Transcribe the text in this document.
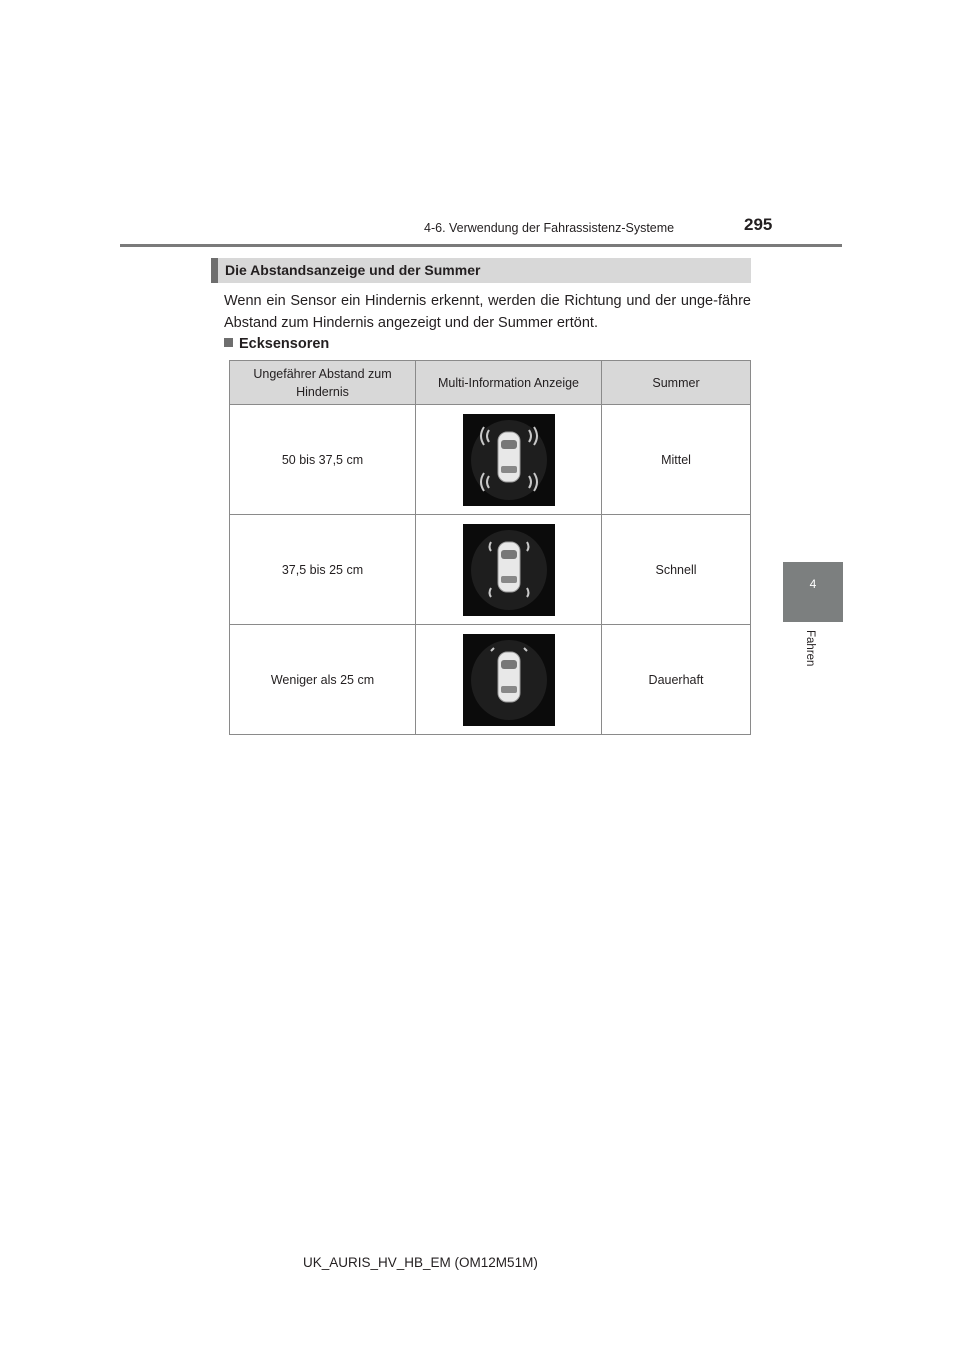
4-6. Verwendung der Fahrassistenz-Systeme	295
4
Fahren
Die Abstandsanzeige und der Summer
Wenn ein Sensor ein Hindernis erkennt, werden die Richtung und der unge-fähre Abstand zum Hindernis angezeigt und der Summer ertönt.
Ecksensoren
Ungefährer Abstand zum Hindernis	Multi-Information Anzeige	Summer
50 bis 37,5 cm		Mittel
37,5 bis 25 cm		Schnell
Weniger als 25 cm		Dauerhaft
UK_AURIS_HV_HB_EM (OM12M51M)
